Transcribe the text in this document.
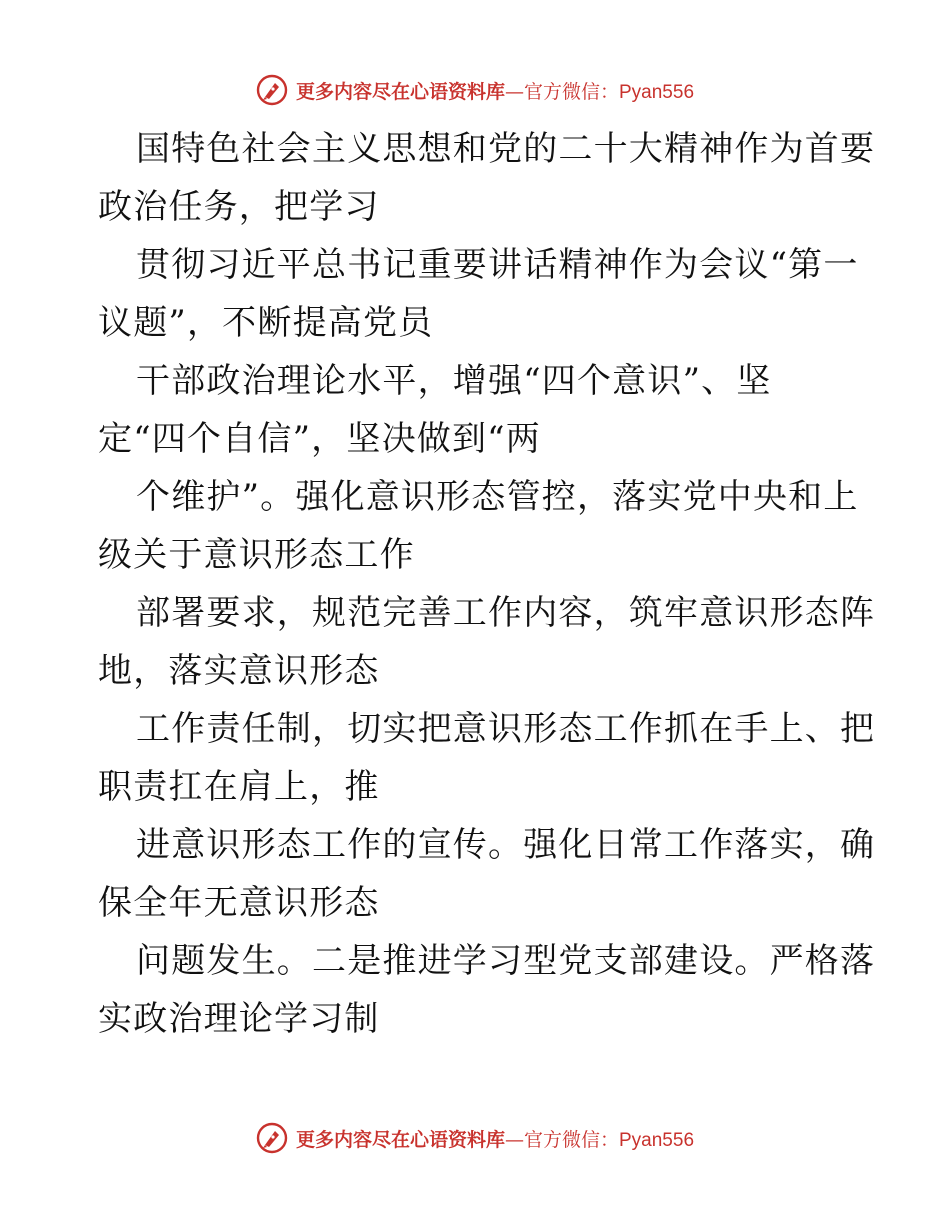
更多内容尽在心语资料库—官方微信：Pyan556
国特色社会主义思想和党的二十大精神作为首要
政治任务，把学习
贯彻习近平总书记重要讲话精神作为会议“第一
议题”，不断提高党员
干部政治理论水平，增强“四个意识”、坚
定“四个自信”，坚决做到“两
个维护”。强化意识形态管控，落实党中央和上
级关于意识形态工作
部署要求，规范完善工作内容，筑牢意识形态阵
地，落实意识形态
工作责任制，切实把意识形态工作抓在手上、把
职责扛在肩上，推
进意识形态工作的宣传。强化日常工作落实，确
保全年无意识形态
问题发生。二是推进学习型党支部建设。严格落
实政治理论学习制
更多内容尽在心语资料库—官方微信：Pyan556
